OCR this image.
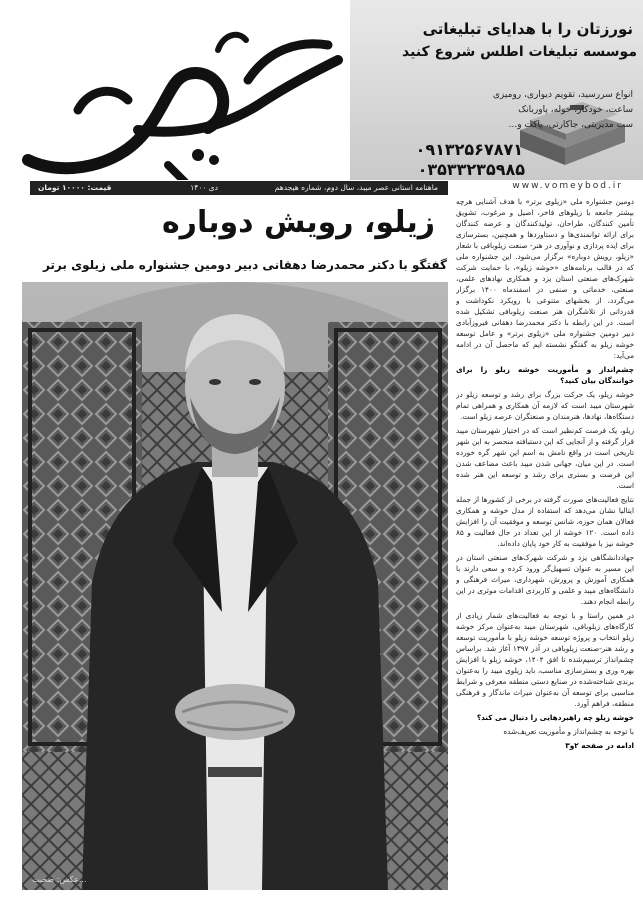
نورزتان را با هدایای تبلیغاتی
موسسه تبلیغات اطلس شروع کنید
انواع سررسید، تقویم دیواری، رومیزی
ساعت، خودکار، حوله، پاوربانک
ست مدیریتی، جاکارتی، پاکت و...
۰۹۱۳۲۵۶۷۸۷۱
۰۳۵۳۳۲۳۵۹۸۵
ماهنامه استانی عصر میبد، سال دوم، شماره هیجدهم
دی ۱۴۰۰
قیمت: ۱۰۰۰۰ تومان	www.vomeybod.ir
زیلو، رویش دوباره
گفتگو با دکتر محمدرضا دهقانی دبیر دومین جشنواره ملی زیلوی برتر
عکس: صحبت...

دومین جشنواره ملی «زیلوی برتر» با هدف آشنایی هرچه بیشتر جامعه با زیلوهای فاخر، اصیل و مرغوب، تشویق تأمین کنندگان، طراحان، تولیدکنندگان و عرضه کنندگان برای ارائه توانمندی‌ها و دستاوردها و همچنین، بسترسازی برای ایده پردازی و نوآوری در هنر- صنعت زیلوبافی با شعار «زیلو، رویش دوباره» برگزار می‌شود. این جشنواره ملی که در قالب برنامه‌های «خوشه زیلو»، با حمایت شرکت شهرک‌های صنعتی استان یزد و همکاری نهادهای علمی، صنعتی، خدماتی و صنفی در اسفندماه ۱۴۰۰ برگزار می‌گردد، از بخشهای متنوعی با رویکرد نکوداشت و قدردانی از تلاشگران هنر صنعت زیلوبافی تشکیل شده است. در این رابطه با دکتر محمدرضا دهقانی فیروزآبادی دبیر دومین جشنواره ملی «زیلوی برتر» و عامل توسعه خوشه زیلو به گفتگو نشسته ایم که ماحصل آن در ادامه می‌آید:

چشم‌انداز و مأموریت خوشه زیلو را برای خوانندگان بیان کنید؟

خوشه زیلو، یک حرکت بزرگ برای رشد و توسعه زیلو در شهرستان میبد است که لازمه آن همکاری و همراهی تمام دستگاه‌ها، نهادها، هنرمندان و صنعتگران عرصه زیلو است.

زیلو، یک فرصت کم‌نظیر است که در اختیار شهرستان میبد قرار گرفته و از آنجایی که این دستبافته منحصر به این شهر تاریخی است در واقع نامش به اسم این شهر گره خورده است. در این میان، جهانی شدن میبد باعث مضاعف شدن این فرصت و بستری برای رشد و توسعه این هنر شده است.

نتایج فعالیت‌های صورت گرفته در برخی از کشورها از جمله ایتالیا نشان می‌دهد که استفاده از مدل خوشه و همکاری فعالان همان حوزه، شانس توسعه و موفقیت آن را افزایش داده است. ۱۲۰ خوشه از این تعداد در حال فعالیت و ۸۵ خوشه نیز با موفقیت به کار خود پایان داده‌اند.

جهاددانشگاهی یزد و شرکت شهرک‌های صنعتی استان در این مسیر به عنوان تسهیل‌گر ورود کرده و سعی دارند با همکاری آموزش و پرورش، شهرداری، میراث فرهنگی و دانشگاه‌های میبد و علمی و کاربردی اقدامات موثری در این رابطه انجام دهند.

در همین راستا و با توجه به فعالیت‌های شمار زیادی از کارگاه‌های زیلوبافی، شهرستان میبد به‌عنوان مرکز خوشه زیلو انتخاب و پروژه توسعه خوشه زیلو با مأموریت توسعه و رشد هنر-صنعت زیلوبافی در آذر ۱۳۹۷ آغاز شد. براساس چشم‌انداز ترسیم‌شده تا افق ۱۴۰۴، خوشه زیلو با افزایش بهره وری و بسترسازی مناسب، باید زیلوی میبد را به‌عنوان برندی شناخته‌شده در صنایع دستی منطقه معرفی و شرایط مناسبی برای توسعه آن به‌عنوان میراث ماندگار و فرهنگی منطقه، فراهم آورد.

خوشه زیلو چه راهبردهایی را دنبال می کند؟

با توجه به چشم‌انداز و مأموریت تعریف‌شده

ادامه در صفحه ۲و۳
